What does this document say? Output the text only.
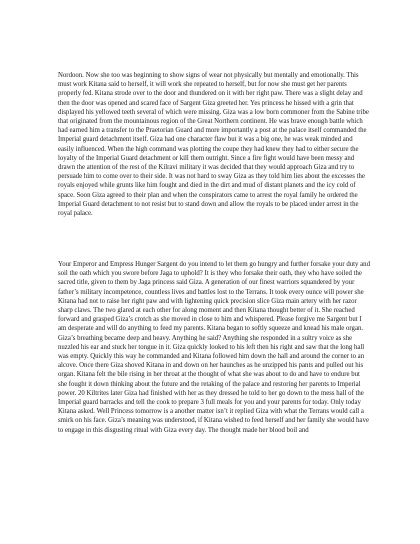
Nordoon. Now she too was beginning to show signs of wear not physically but mentally and emotionally. This must work Kitana said to herself, it will work she repeated to herself, but for now she must get her parents properly fed. Kitana strode over to the door and thundered on it with her right paw. There was a slight delay and then the door was opened and scared face of Sargent Giza greeted her. Yes princess he hissed with a grin that displayed his yellowed teeth several of which were missing. Giza was a low born commoner from the Sabine tribe that originated from the mountainous region of the Great Northern continent. He was brave enough battle which had earned him a transfer to the Praetorian Guard and more importantly a post at the palace itself commanded the Imperial guard detachment itself. Giza had one character flaw but it was a big one, he was weak minded and easily influenced. When the high command was plotting the coupe they had knew they had to either secure the loyalty of the Imperial Guard detachment or kill them outright. Since a fire fight would have been messy and drawn the attention of the rest of the Kilravi military it was decided that they would approach Giza and try to persuade him to come over to their side. It was not hard to sway Giza as they told him lies about the excesses the royals enjoyed while grunts like him fought and died in the dirt and mud of distant planets and the icy cold of space. Soon Giza agreed to their plan and when the conspirators came to arrest the royal family he ordered the Imperial Guard detachment to not resist but to stand down and allow the royals to be placed under arrest in the royal palace.

Your Emperor and Empress Hunger Sargent do you intend to let them go hungry and further forsake your duty and soil the oath which you swore before Jaga to uphold? It is they who forsake their oath, they who have soiled the sacred title, given to them by Jaga princess said Giza. A generation of our finest warriors squandered by your father’s military incompetence, countless lives and battles lost to the Terrans. It took every ounce will power she Kitana had not to raise her right paw and with lightening quick precision slice Giza main artery with her razor sharp claws. The two glared at each other for along moment and then Kitana thought better of it. She reached forward and grasped Giza’s crotch as she moved in close to him and whispered. Please forgive me Sargent but I am desperate and will do anything to feed my parents. Kitana began to softly squeeze and knead his male organ. Giza’s breathing became deep and heavy. Anything he said? Anything she responded in a sultry voice as she nuzzled his ear and stuck her tongue in it. Giza quickly looked to his left then his right and saw that the long hall was empty. Quickly this way he commanded and Kitana followed him down the hall and around the corner to an alcove. Once there Giza shoved Kitana in and down on her haunches as he unzipped his pants and pulled out his organ. Kitana felt the bile rising in her throat at the thought of what she was about to do and have to endure but she fought it down thinking about the future and the retaking of the palace and restoring her parents to Imperial power. 20 Kiltrites later Giza had finished with her as they dressed he told to her go down to the mess hall of the Imperial guard barracks and tell the cook to prepare 3 full meals for you and your parents for today. Only today Kitana asked. Well Princess tomorrow is a another matter isn’t it replied Giza with what the Terrans would call a smirk on his face. Giza’s meaning was understood, if Kitana wished to feed herself and her family she would have to engage in this disgusting ritual with Giza every day. The thought made her blood boil and
